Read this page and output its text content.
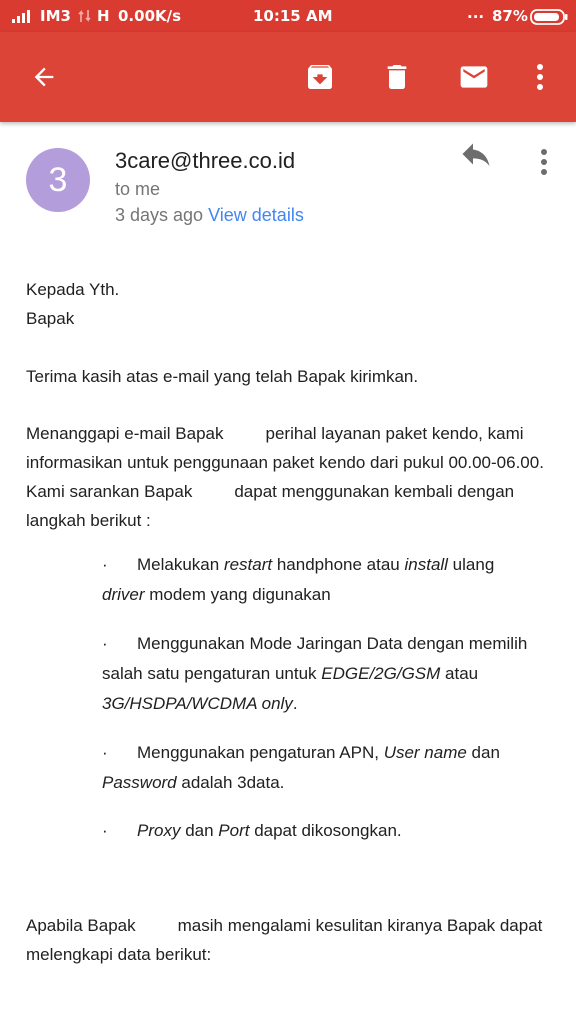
IM3 H 0.00K/s	10:15 AM	... 87%
3
3care@three.co.id
to me
3 days ago View details

Kepada Yth.

Bapak

Terima kasih atas e-mail yang telah Bapak kirimkan.
Menanggapi e-mail Bapak perihal layanan paket kendo, kami informasikan untuk penggunaan paket kendo dari pukul 00.00-06.00. Kami sarankan Bapak dapat menggunakan kembali dengan langkah berikut :
·	Melakukan restart handphone atau install ulang
driver modem yang digunakan
·	Menggunakan Mode Jaringan Data dengan memilih
salah satu pengaturan untuk EDGE/2G/GSM atau
3G/HSDPA/WCDMA only.
·	Menggunakan pengaturan APN, User name dan
Password adalah 3data.
·	Proxy dan Port dapat dikosongkan.
Apabila Bapak masih mengalami kesulitan kiranya Bapak dapat melengkapi data berikut:
